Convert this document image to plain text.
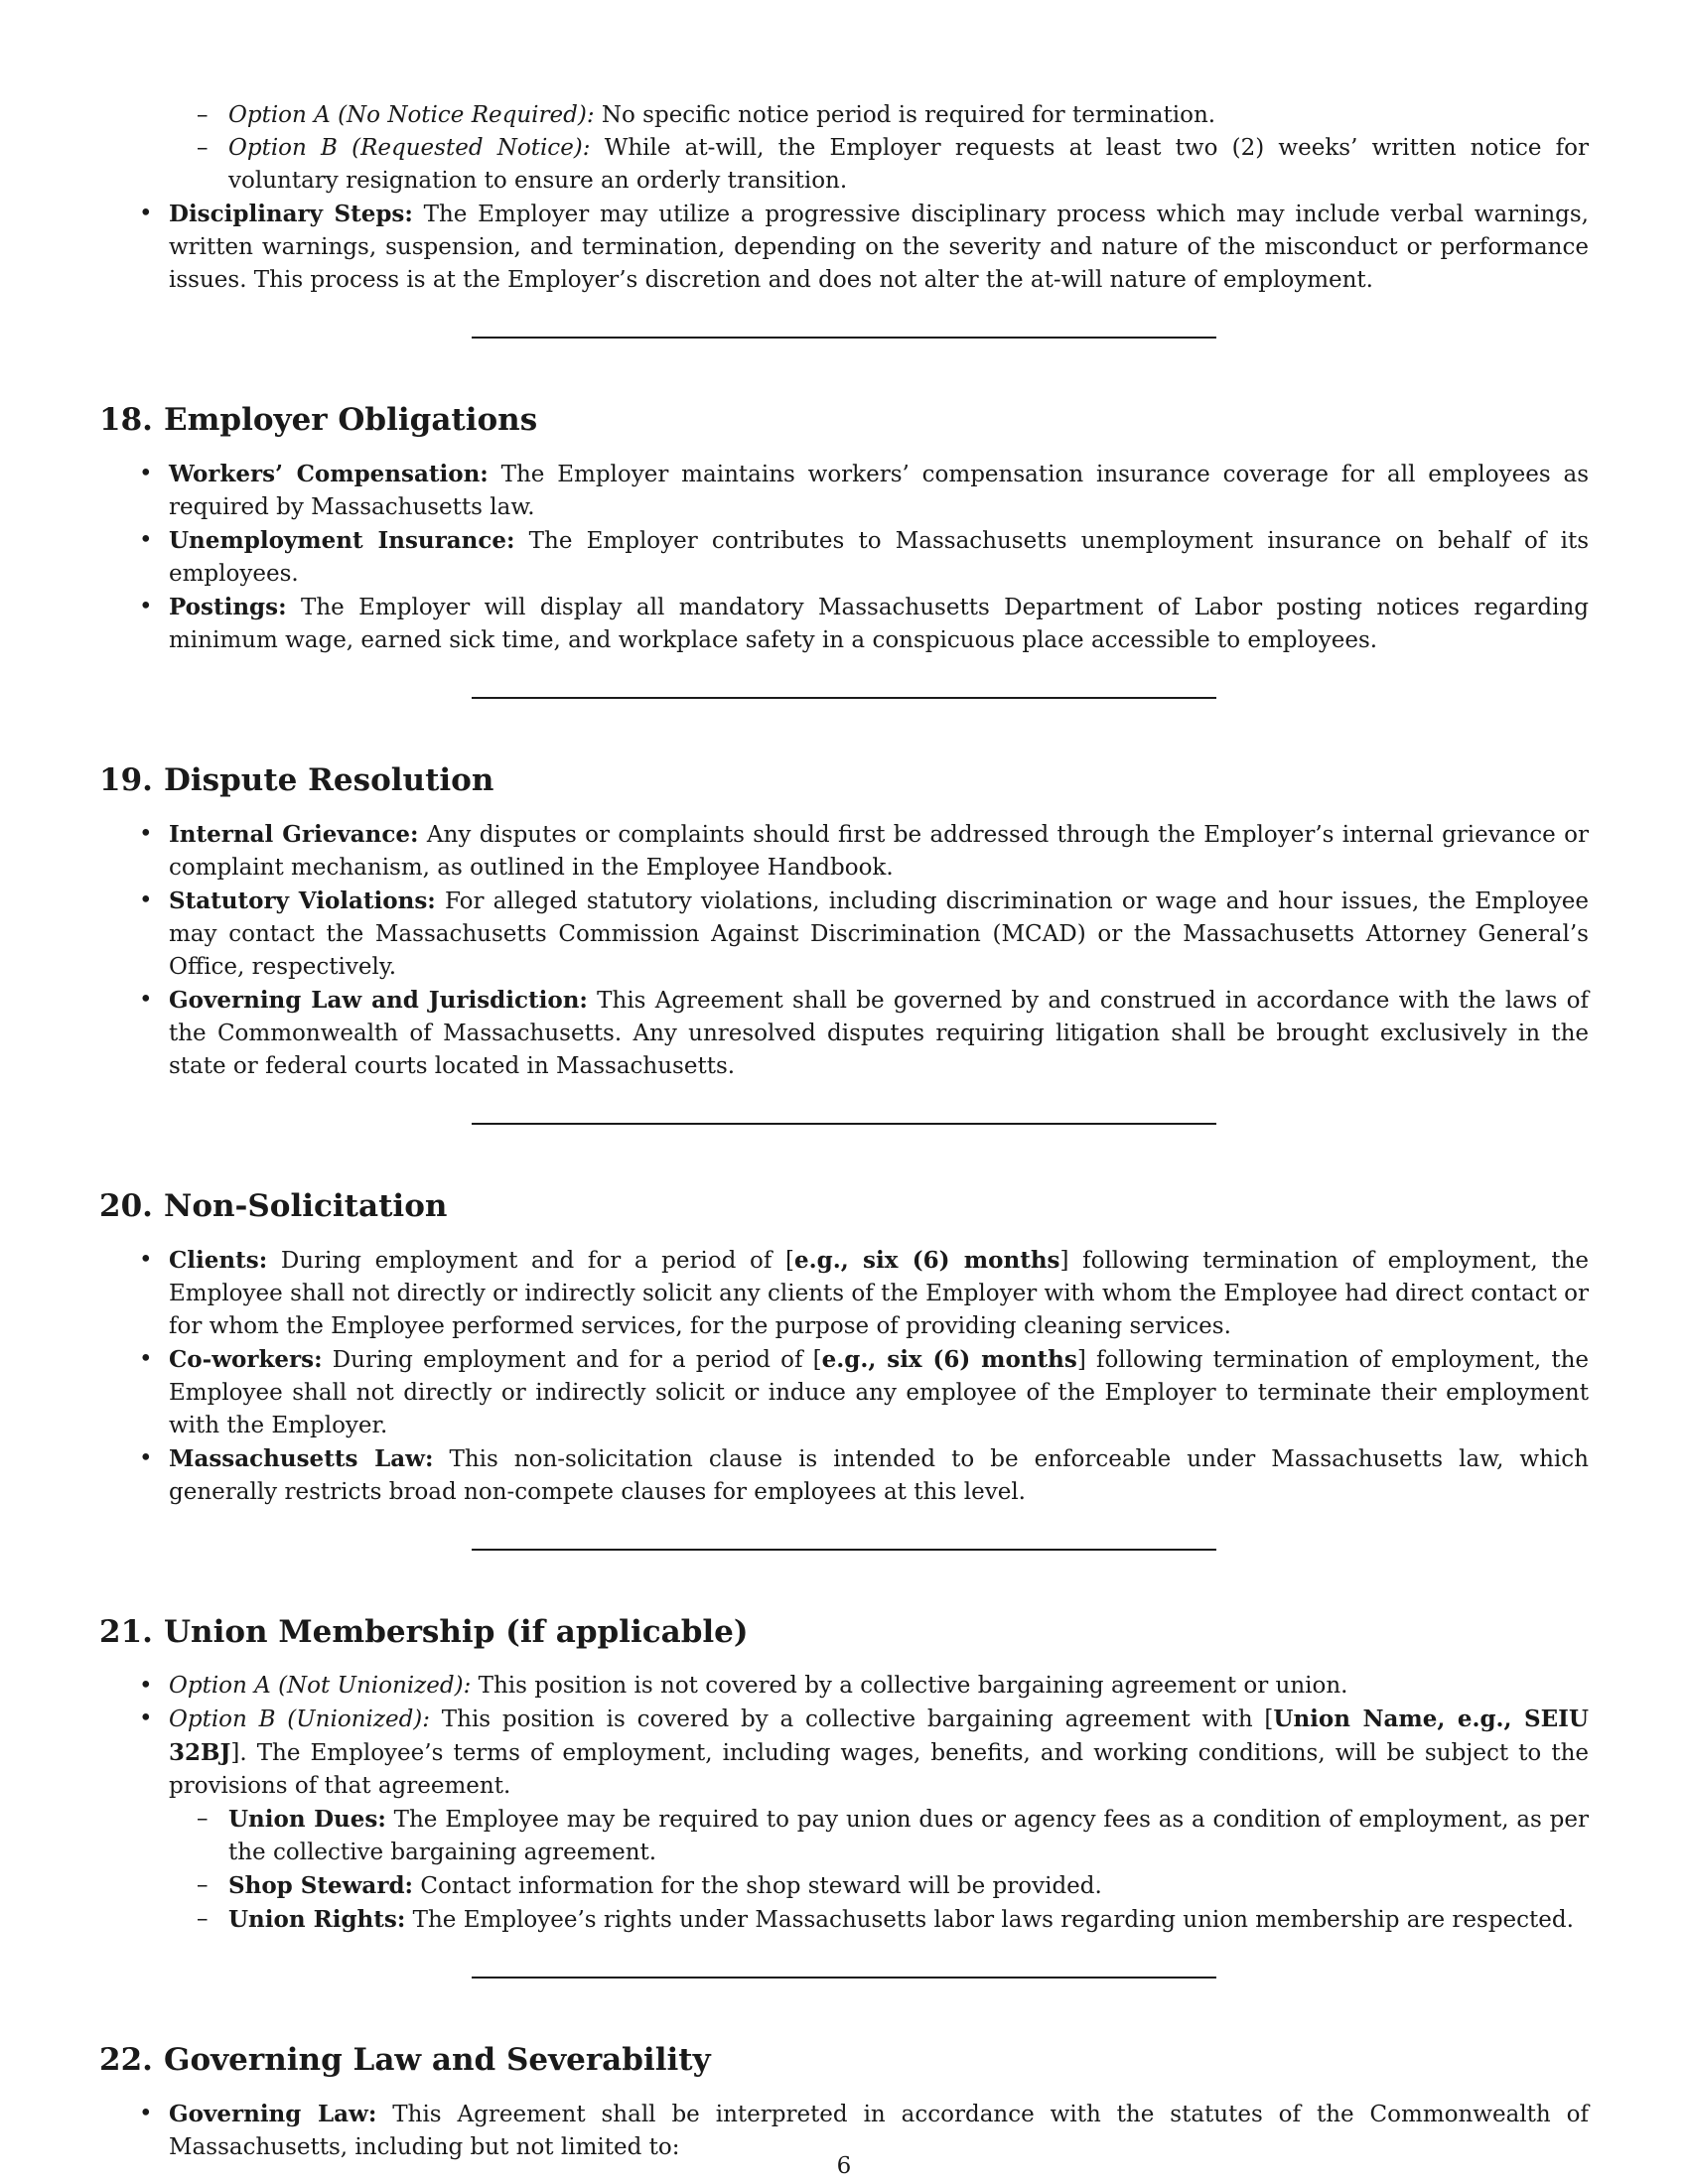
– Option A (No Notice Required): No specific notice period is required for termination.
– Option B (Requested Notice): While at-will, the Employer requests at least two (2) weeks’ written notice for voluntary resignation to ensure an orderly transition.
• Disciplinary Steps: The Employer may utilize a progressive disciplinary process which may include verbal warnings, written warnings, suspension, and termination, depending on the severity and nature of the misconduct or performance issues. This process is at the Employer’s discretion and does not alter the at-will nature of employment.
18. Employer Obligations
• Workers’ Compensation: The Employer maintains workers’ compensation insurance coverage for all employees as required by Massachusetts law.
• Unemployment Insurance: The Employer contributes to Massachusetts unemployment insurance on behalf of its employees.
• Postings: The Employer will display all mandatory Massachusetts Department of Labor posting notices regarding minimum wage, earned sick time, and workplace safety in a conspicuous place accessible to employees.
19. Dispute Resolution
• Internal Grievance: Any disputes or complaints should first be addressed through the Employer’s internal grievance or complaint mechanism, as outlined in the Employee Handbook.
• Statutory Violations: For alleged statutory violations, including discrimination or wage and hour issues, the Employee may contact the Massachusetts Commission Against Discrimination (MCAD) or the Massachusetts Attorney General’s Office, respectively.
• Governing Law and Jurisdiction: This Agreement shall be governed by and construed in accordance with the laws of the Commonwealth of Massachusetts. Any unresolved disputes requiring litigation shall be brought exclusively in the state or federal courts located in Massachusetts.
20. Non-Solicitation
• Clients: During employment and for a period of [e.g., six (6) months] following termination of employment, the Employee shall not directly or indirectly solicit any clients of the Employer with whom the Employee had direct contact or for whom the Employee performed services, for the purpose of providing cleaning services.
• Co-workers: During employment and for a period of [e.g., six (6) months] following termination of employment, the Employee shall not directly or indirectly solicit or induce any employee of the Employer to terminate their employment with the Employer.
• Massachusetts Law: This non-solicitation clause is intended to be enforceable under Massachusetts law, which generally restricts broad non-compete clauses for employees at this level.
21. Union Membership (if applicable)
• Option A (Not Unionized): This position is not covered by a collective bargaining agreement or union.
• Option B (Unionized): This position is covered by a collective bargaining agreement with [Union Name, e.g., SEIU 32BJ]. The Employee’s terms of employment, including wages, benefits, and working conditions, will be subject to the provisions of that agreement.
– Union Dues: The Employee may be required to pay union dues or agency fees as a condition of employment, as per the collective bargaining agreement.
– Shop Steward: Contact information for the shop steward will be provided.
– Union Rights: The Employee’s rights under Massachusetts labor laws regarding union membership are respected.
22. Governing Law and Severability
• Governing Law: This Agreement shall be interpreted in accordance with the statutes of the Commonwealth of Massachusetts, including but not limited to:
6
